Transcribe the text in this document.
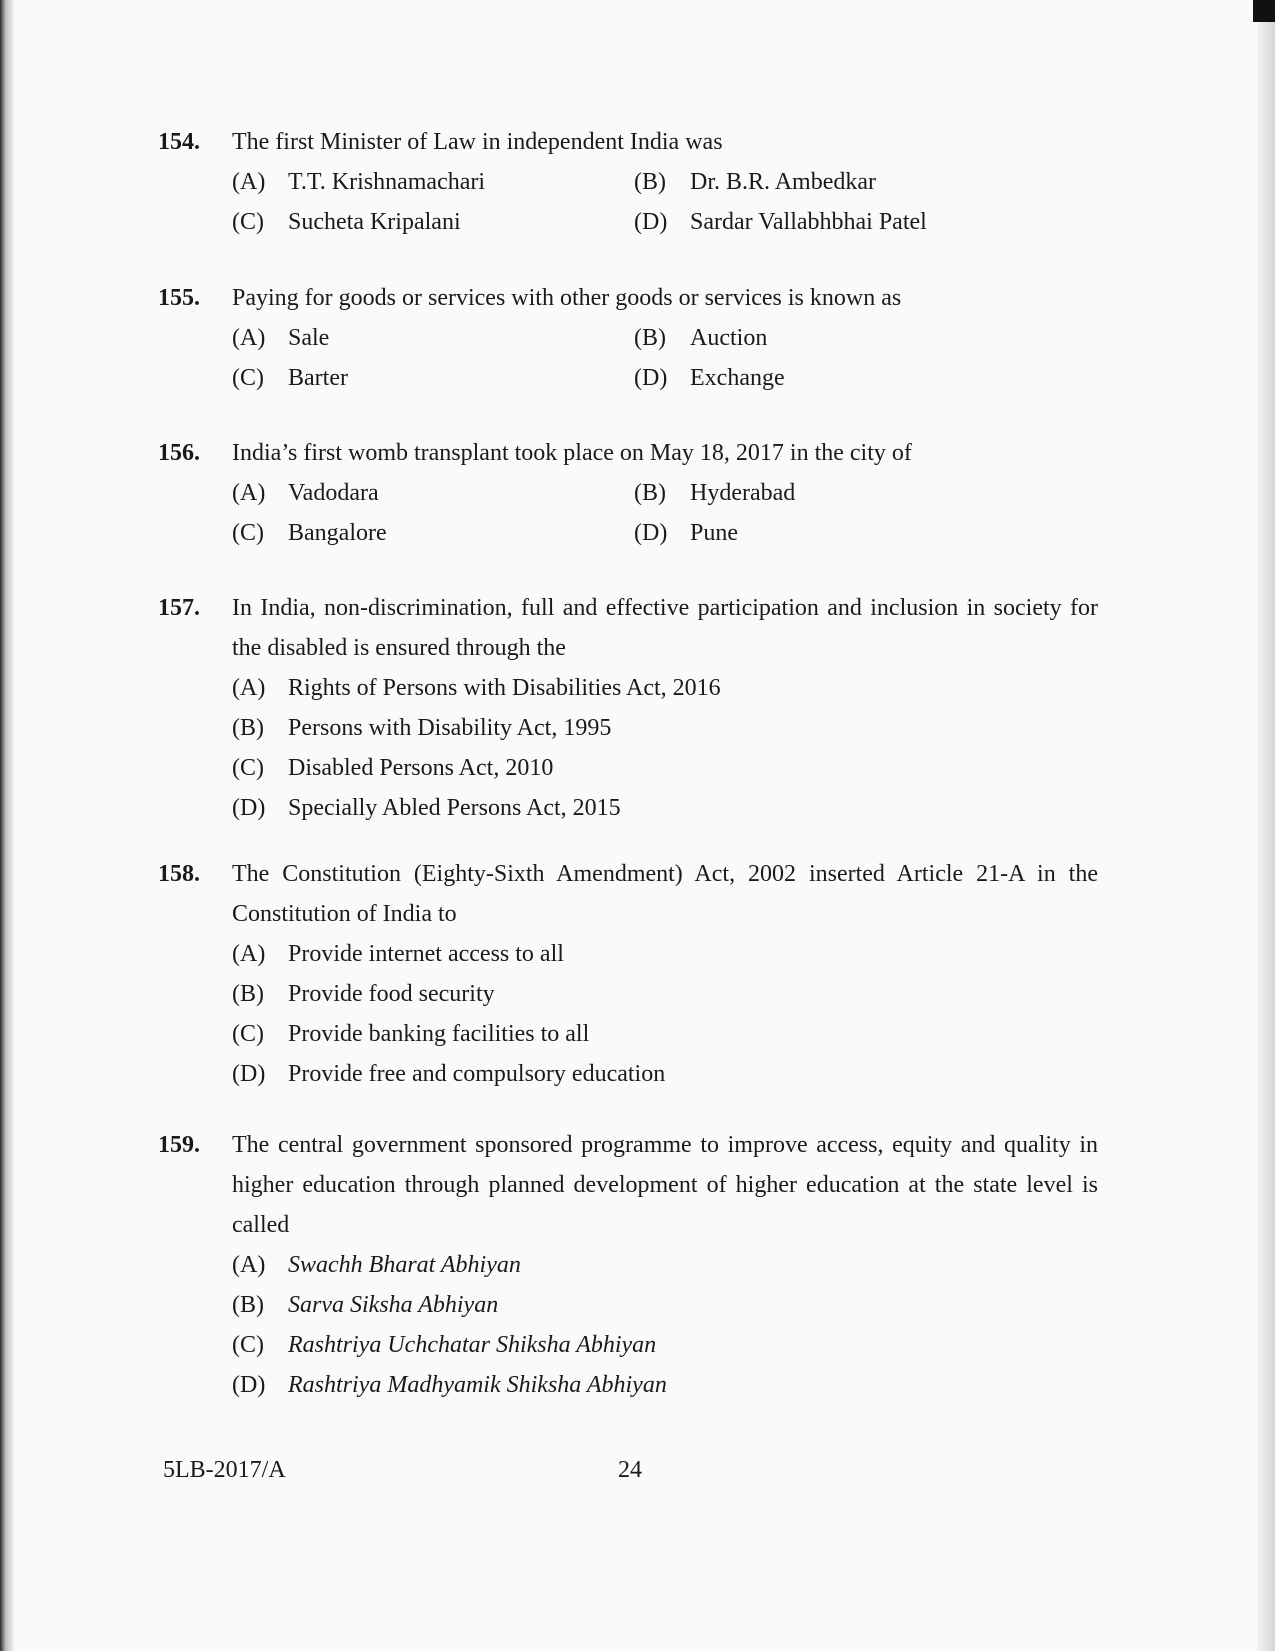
154.	The first Minister of Law in independent India was
(A) T.T. Krishnamachari	(B) Dr. B.R. Ambedkar
(C) Sucheta Kripalani	(D) Sardar Vallabhbhai Patel
155.	Paying for goods or services with other goods or services is known as
(A) Sale	(B) Auction
(C) Barter	(D) Exchange
156.	India’s first womb transplant took place on May 18, 2017 in the city of
(A) Vadodara	(B) Hyderabad
(C) Bangalore	(D) Pune
157.	In India, non-discrimination, full and effective participation and inclusion in society for the disabled is ensured through the
(A) Rights of Persons with Disabilities Act, 2016
(B) Persons with Disability Act, 1995
(C) Disabled Persons Act, 2010
(D) Specially Abled Persons Act, 2015
158.	The Constitution (Eighty-Sixth Amendment) Act, 2002 inserted Article 21-A in the Constitution of India to
(A) Provide internet access to all
(B) Provide food security
(C) Provide banking facilities to all
(D) Provide free and compulsory education
159.	The central government sponsored programme to improve access, equity and quality in higher education through planned development of higher education at the state level is called
(A) Swachh Bharat Abhiyan
(B) Sarva Siksha Abhiyan
(C) Rashtriya Uchchatar Shiksha Abhiyan
(D) Rashtriya Madhyamik Shiksha Abhiyan
5LB-2017/A	24
